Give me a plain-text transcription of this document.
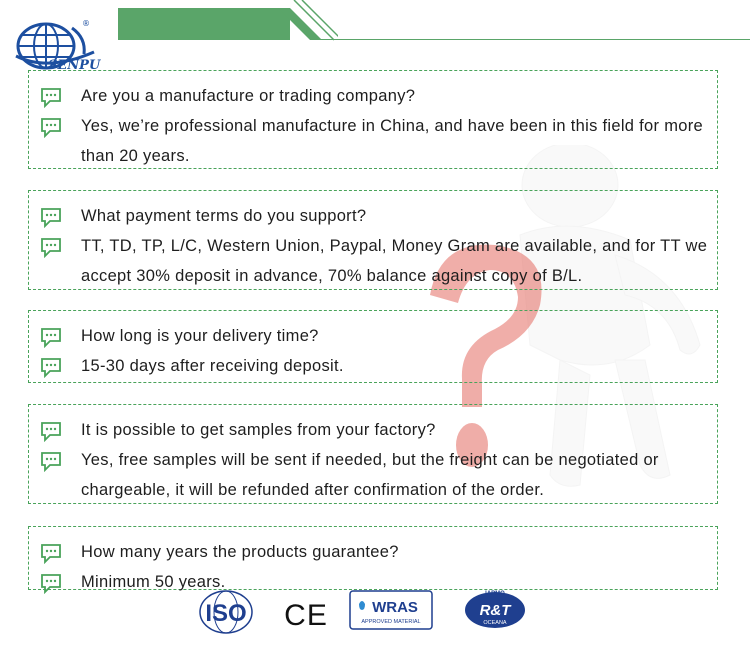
SENPU
®
Are you a manufacture or trading company?
Yes, we’re professional manufacture in China, and have been in this field for more than 20 years.
What payment terms do you support?
TT, TD, TP, L/C, Western Union, Paypal, Money Gram are available, and for TT we accept 30% deposit in advance, 70% balance against copy of B/L.
How long is your delivery time?
15-30 days after receiving deposit.
It is possible to get samples from your factory?
Yes, free samples will be sent if needed, but the freight can be negotiated or chargeable, it will be refunded after confirmation of the order.
How many years the products guarantee?
Minimum 50 years.
ISO CE	WRAS
APPROVED MATERIAL
IAPMO
R&T
OCEANA
